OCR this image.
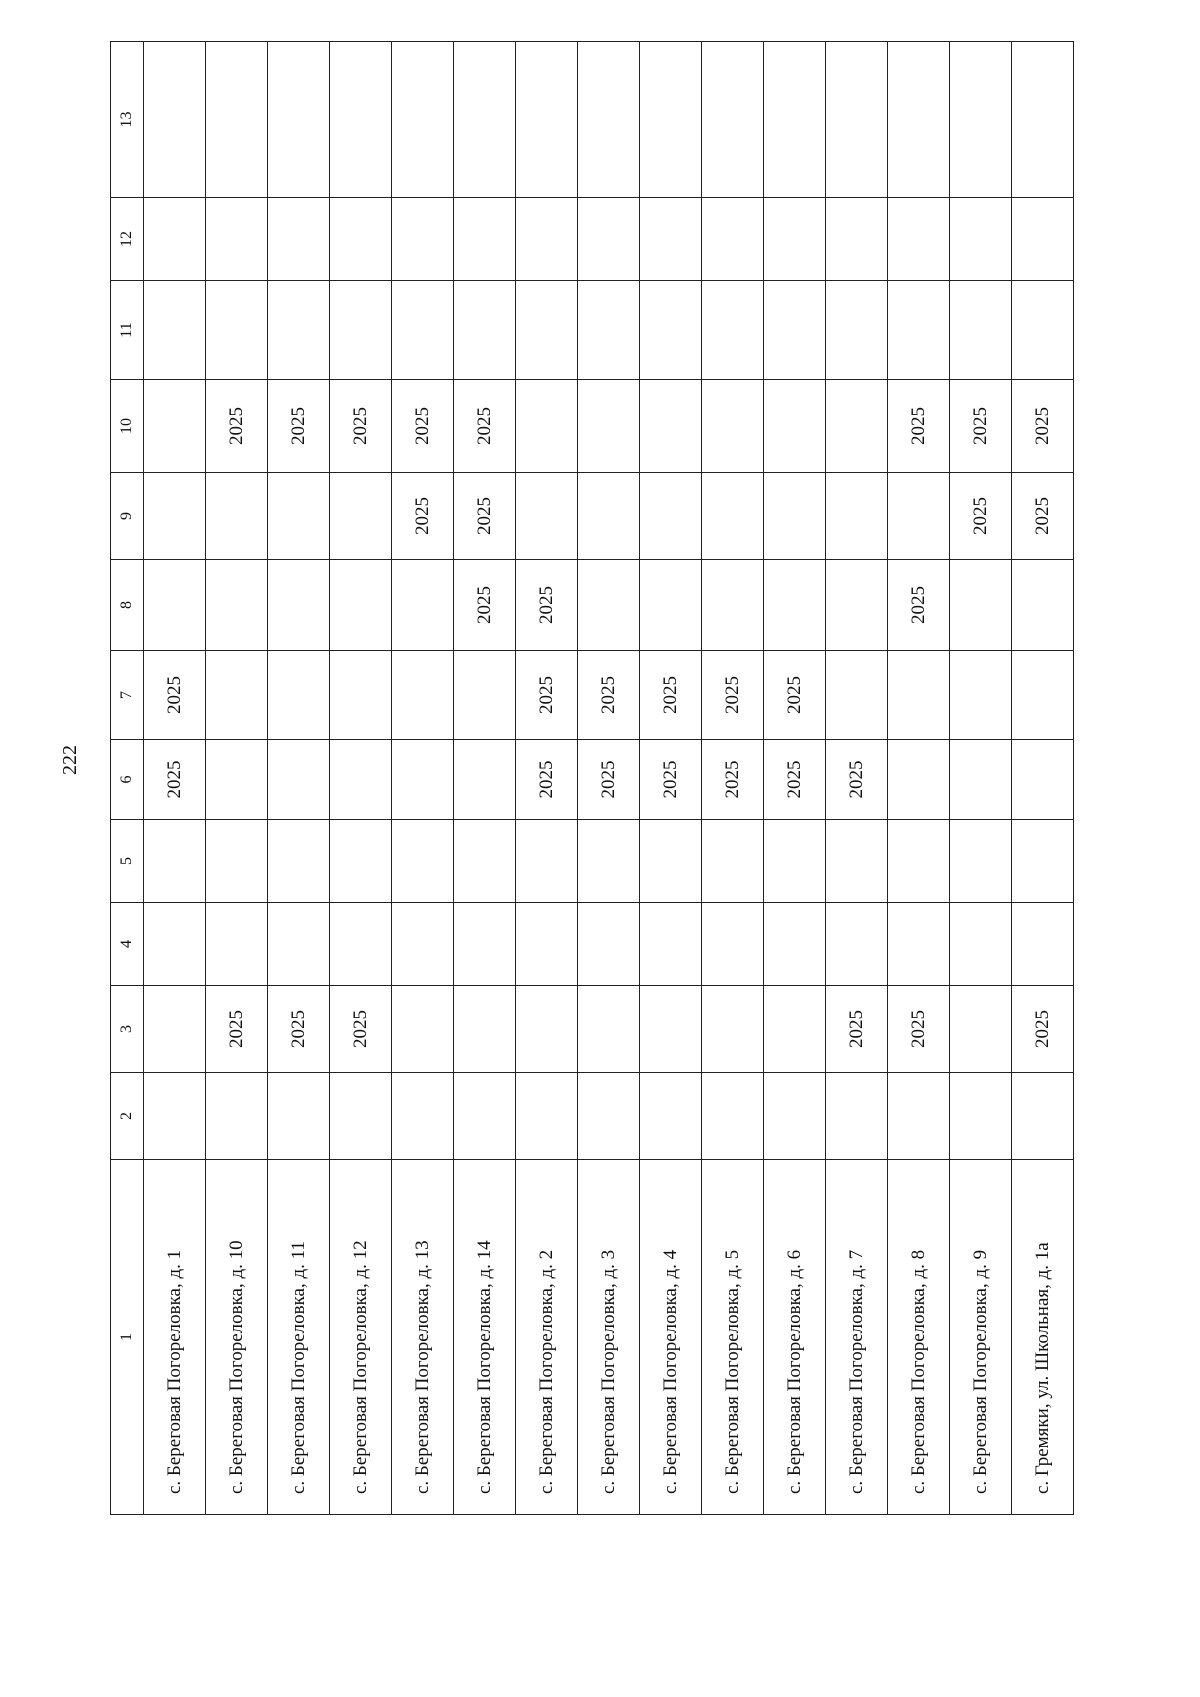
222
1	2	3	4	5	6	7	8	9	10	11	12	13
с. Береговая Погореловка, д. 1					2025	2025						
с. Береговая Погореловка, д. 10		2025							2025			
с. Береговая Погореловка, д. 11		2025							2025			
с. Береговая Погореловка, д. 12		2025							2025			
с. Береговая Погореловка, д. 13								2025	2025			
с. Береговая Погореловка, д. 14							2025	2025	2025			
с. Береговая Погореловка, д. 2					2025	2025	2025					
с. Береговая Погореловка, д. 3					2025	2025						
с. Береговая Погореловка, д. 4					2025	2025						
с. Береговая Погореловка, д. 5					2025	2025						
с. Береговая Погореловка, д. 6					2025	2025						
с. Береговая Погореловка, д. 7		2025			2025							
с. Береговая Погореловка, д. 8		2025					2025		2025			
с. Береговая Погореловка, д. 9								2025	2025			
с. Гремяки, ул. Школьная, д. 1а		2025						2025	2025			
